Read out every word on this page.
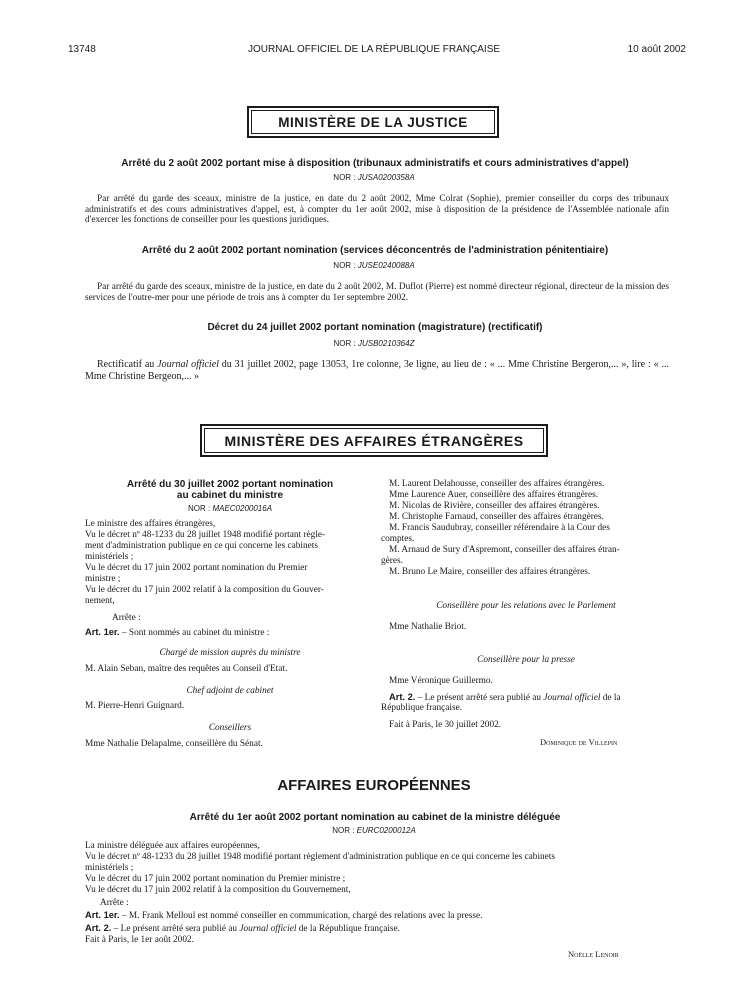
13748	JOURNAL OFFICIEL DE LA RÉPUBLIQUE FRANÇAISE	10 août 2002
MINISTÈRE DE LA JUSTICE
Arrêté du 2 août 2002 portant mise à disposition (tribunaux administratifs et cours administratives d'appel)
NOR : JUSA0200358A
Par arrêté du garde des sceaux, ministre de la justice, en date du 2 août 2002, Mme Colrat (Sophie), premier conseiller du corps des tribunaux administratifs et des cours administratives d'appel, est, à compter du 1er août 2002, mise à disposition de la présidence de l'Assemblée nationale afin d'exercer les fonctions de conseiller pour les questions juridiques.
Arrêté du 2 août 2002 portant nomination (services déconcentrés de l'administration pénitentiaire)
NOR : JUSE0240088A
Par arrêté du garde des sceaux, ministre de la justice, en date du 2 août 2002, M. Duflot (Pierre) est nommé directeur régional, directeur de la mission des services de l'outre-mer pour une période de trois ans à compter du 1er septembre 2002.
Décret du 24 juillet 2002 portant nomination (magistrature) (rectificatif)
NOR : JUSB0210364Z
Rectificatif au Journal officiel du 31 juillet 2002, page 13053, 1re colonne, 3e ligne, au lieu de : « ... Mme Christine Bergeron,... », lire : « ... Mme Christine Bergeon,... »
MINISTÈRE DES AFFAIRES ÉTRANGÈRES
Arrêté du 30 juillet 2002 portant nomination
au cabinet du ministre
NOR : MAEC0200016A
Le ministre des affaires étrangères,
Vu le décret nº 48-1233 du 28 juillet 1948 modifié portant règle-
ment d'administration publique en ce qui concerne les cabinets
ministériels ;
Vu le décret du 17 juin 2002 portant nomination du Premier
ministre ;
Vu le décret du 17 juin 2002 relatif à la composition du Gouver-
nement,
Arrête :
Art. 1er. – Sont nommés au cabinet du ministre :
Chargé de mission auprès du ministre
M. Alain Seban, maître des requêtes au Conseil d'Etat.
Chef adjoint de cabinet
M. Pierre-Henri Guignard.
Conseillers
Mme Nathalie Delapalme, conseillère du Sénat.
M. Laurent Delahousse, conseiller des affaires étrangères.
Mme Laurence Auer, conseillère des affaires étrangères.
M. Nicolas de Rivière, conseiller des affaires étrangères.
M. Christophe Farnaud, conseiller des affaires étrangères.
M. Francis Saudubray, conseiller référendaire à la Cour des
comptes.
M. Arnaud de Sury d'Aspremont, conseiller des affaires étran-
gères.
M. Bruno Le Maire, conseiller des affaires étrangères.
Conseillère pour les relations avec le Parlement
Mme Nathalie Briot.
Conseillère pour la presse
Mme Véronique Guillermo.
Art. 2. – Le présent arrêté sera publié au Journal officiel de la
République française.
Fait à Paris, le 30 juillet 2002.
Dominique de Villepin
AFFAIRES EUROPÉENNES
Arrêté du 1er août 2002 portant nomination au cabinet de la ministre déléguée
NOR : EURC0200012A
La ministre déléguée aux affaires européennes,
Vu le décret nº 48-1233 du 28 juillet 1948 modifié portant règlement d'administration publique en ce qui concerne les cabinets
ministériels ;
Vu le décret du 17 juin 2002 portant nomination du Premier ministre ;
Vu le décret du 17 juin 2002 relatif à la composition du Gouvernement,
Arrête :
Art. 1er. – M. Frank Melloul est nommé conseiller en communication, chargé des relations avec la presse.
Art. 2. – Le présent arrêté sera publié au Journal officiel de la République française.
Fait à Paris, le 1er août 2002.
Noëlle Lenoir
